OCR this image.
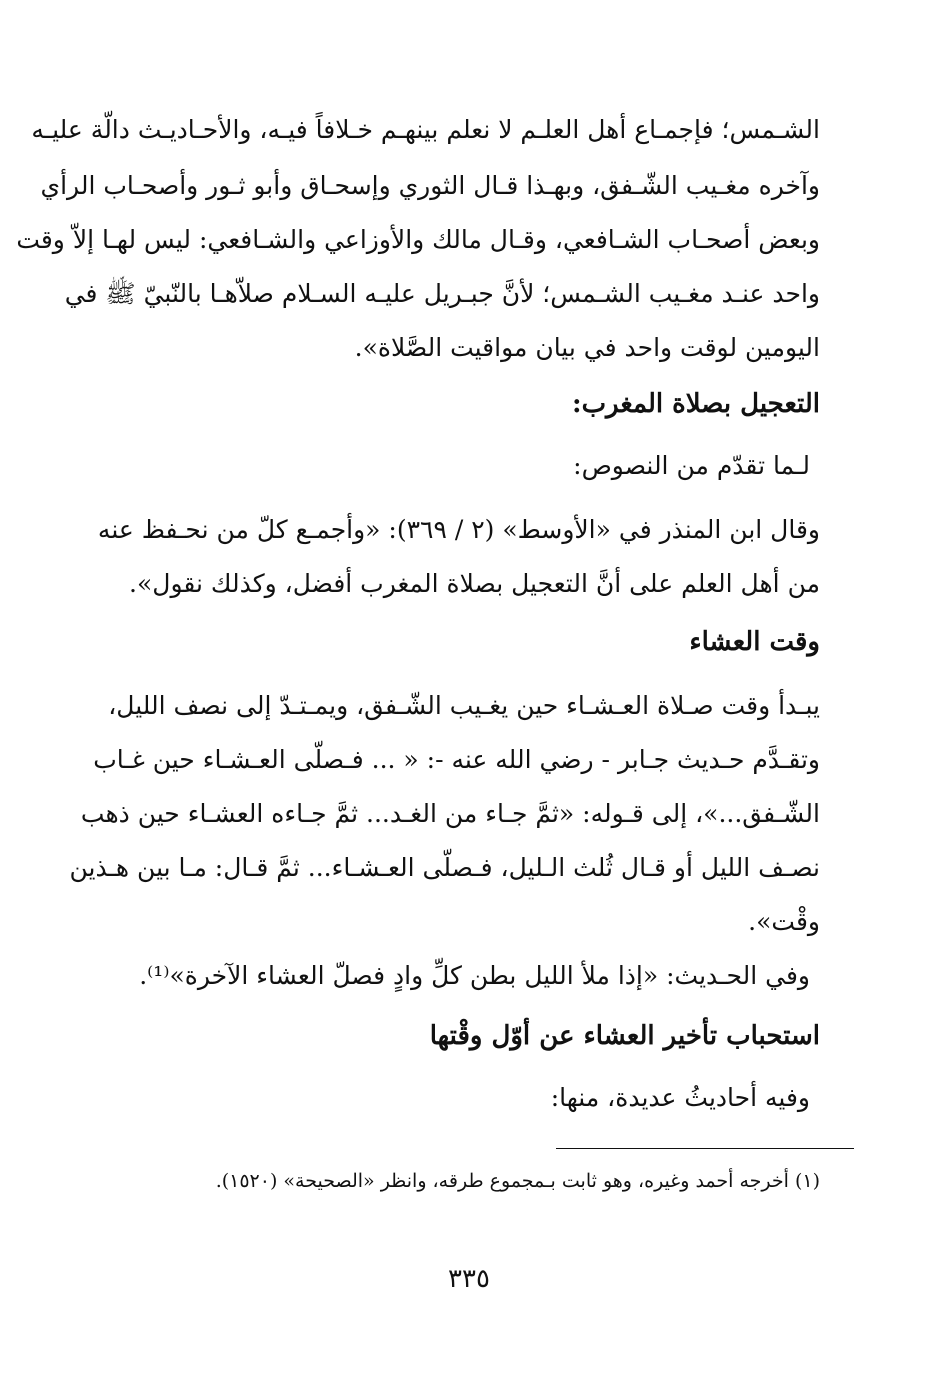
الشـمس؛ فإجمـاع أهل العلـم لا نعلم بينهـم خـلافاً فيـه، والأحـاديـث دالّة عليـه
وآخره مغـيب الشّـفق، وبهـذا قـال الثوري وإسحـاق وأبو ثـور وأصحـاب الرأي
وبعض أصحـاب الشـافعي، وقـال مالك والأوزاعي والشـافعي: ليس لهـا إلاّ وقت
واحد عنـد مغـيب الشـمس؛ لأنَّ جبـريل عليـه السـلام صلاّهـا بالنّبيّ ﷺ في
اليومين لوقت واحد في بيان مواقيت الصَّلاة».
التعجيل بصلاة المغرب:
لـما تقدّم من النصوص:
وقال ابن المنذر في «الأوسط» (٢ / ٣٦٩): «وأجمـع كلّ من نحـفظ عنه
من أهل العلم على أنَّ التعجيل بصلاة المغرب أفضل، وكذلك نقول».
وقت العشاء
يبـدأ وقت صـلاة العـشـاء حين يغـيب الشّـفق، ويمـتـدّ إلى نصف الليل،
وتقـدَّم حـديث جـابر - رضي الله عنه -: « ... فـصلّى العـشـاء حين غـاب
الشّـفق...»، إلى قـوله: «ثمَّ جـاء من الغـد... ثمَّ جـاءه العشـاء حين ذهب
نصـف الليل أو قـال ثُلث الـليل، فـصلّى العـشـاء... ثمَّ قـال: مـا بين هـذين
وقْت».
وفي الحـديث: «إذا ملأ الليل بطن كلِّ وادٍ فصلّ العشاء الآخرة»⁽¹⁾.
استحباب تأخير العشاء عن أوّل وقْتها
وفيه أحاديثُ عديدة، منها:
(١) أخرجه أحمد وغيره، وهو ثابت بـمجموع طرقه، وانظر «الصحيحة» (١٥٢٠).
٣٣٥
